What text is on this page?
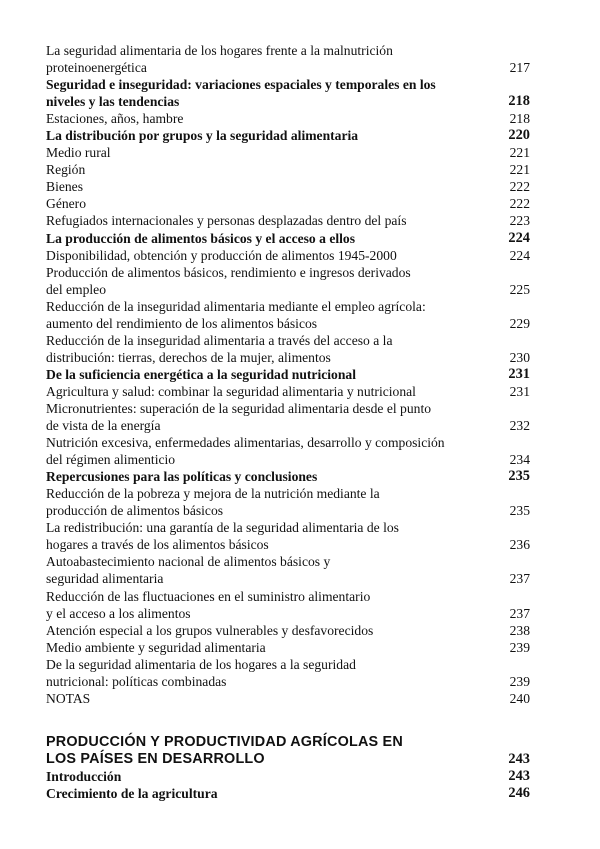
La seguridad alimentaria de los hogares frente a la malnutrición
proteinoenergética	217
Seguridad e inseguridad: variaciones espaciales y temporales en los
niveles y las tendencias	218
Estaciones, años, hambre	218
La distribución por grupos y la seguridad alimentaria	220
Medio rural	221
Región	221
Bienes	222
Género	222
Refugiados internacionales y personas desplazadas dentro del país	223
La producción de alimentos básicos y el acceso a ellos	224
Disponibilidad, obtención y producción de alimentos 1945-2000	224
Producción de alimentos básicos, rendimiento e ingresos derivados
del empleo	225
Reducción de la inseguridad alimentaria mediante el empleo agrícola:
aumento del rendimiento de los alimentos básicos	229
Reducción de la inseguridad alimentaria a través del acceso a la
distribución: tierras, derechos de la mujer, alimentos	230
De la suficiencia energética a la seguridad nutricional	231
Agricultura y salud: combinar la seguridad alimentaria y nutricional	231
Micronutrientes: superación de la seguridad alimentaria desde el punto
de vista de la energía	232
Nutrición excesiva, enfermedades alimentarias, desarrollo y composición
del régimen alimenticio	234
Repercusiones para las políticas y conclusiones	235
Reducción de la pobreza y mejora de la nutrición mediante la
producción de alimentos básicos	235
La redistribución: una garantía de la seguridad alimentaria de los
hogares a través de los alimentos básicos	236
Autoabastecimiento nacional de alimentos básicos y
seguridad alimentaria	237
Reducción de las fluctuaciones en el suministro alimentario
y el acceso a los alimentos	237
Atención especial a los grupos vulnerables y desfavorecidos	238
Medio ambiente y seguridad alimentaria	239
De la seguridad alimentaria de los hogares a la seguridad
nutricional: políticas combinadas	239
NOTAS	240
PRODUCCIÓN Y PRODUCTIVIDAD AGRÍCOLAS EN
LOS PAÍSES EN DESARROLLO	243
Introducción	243
Crecimiento de la agricultura	246
